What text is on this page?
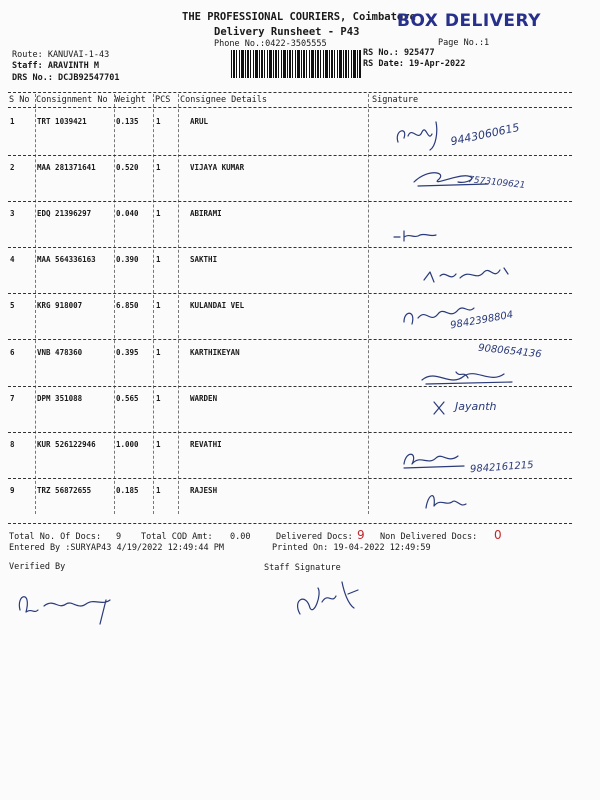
THE PROFESSIONAL COURIERS, Coimbatore
Delivery Runsheet - P43
Phone No.:0422-3505555	Page No.:1
BOX DELIVERY
Route: KANUVAI-1-43
Staff: ARAVINTH M
DRS No.: DCJB92547701
RS No.: 925477
RS Date: 19-Apr-2022
S No Consignment No Weight PCS Consignee Details	Signature
1	TRT 1039421	0.135 1	ARUL
2	MAA 281371641	0.520 1	VIJAYA KUMAR
3	EDQ 21396297	0.040 1	ABIRAMI
4	MAA 564336163	0.390 1	SAKTHI
5	KRG 918007	6.850 1	KULANDAI VEL
6	VNB 478360	0.395 1	KARTHIKEYAN
7	DPM 351088	0.565 1	WARDEN
8	KUR 526122946	1.000 1	REVATHI
9	TRZ 56872655	0.185 1	RAJESH
9443060615
7573109621
9842398804
9080654136
Jayanth
9842161215
Total No. Of Docs: 9 Total COD Amt: 0.00	Delivered Docs: 9 Non Delivered Docs: 0
Entered By :SURYAP43 4/19/2022 12:49:44 PM	Printed On: 19-04-2022 12:49:59
Verified By	Staff Signature
